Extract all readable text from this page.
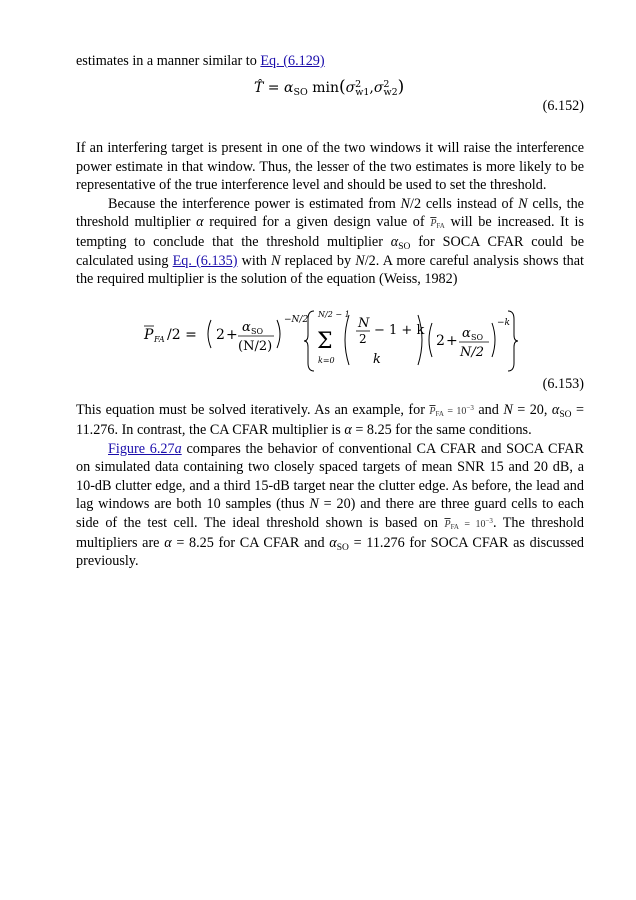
estimates in a manner similar to Eq. (6.129)

T̂ = $\alpha_{SO}$ $\min(\sigma^2_{w1},\sigma^2_{w2})$
(6.152)

If an interfering target is present in one of the two windows it will raise the interference power estimate in that window. Thus, the lesser of the two estimates is more likely to be representative of the true interference level and should be used to set the threshold.

Because the interference power is estimated from N/2 cells instead of N cells, the threshold multiplier α required for a given design value of $\overline{P}_{FA}$ will be increased. It is tempting to conclude that the threshold multiplier $\alpha_{SO}$ for SOCA CFAR could be calculated using Eq. (6.135) with N replaced by N/2. A more careful analysis shows that the required multiplier is the solution of the equation (Weiss, 1982)

P FA /2 = 2 + α SO
(N/2)
−N/2
N/2 − 1
Σ
k=0
N
2
− 1 + k
k
2 + α SO
N/2
−k
(6.153)

This equation must be solved iteratively. As an example, for $\overline{P}_{FA} = 10^{-3}$ and N = 20, $\alpha_{SO} = 11.276$. In contrast, the CA CFAR multiplier is α = 8.25 for the same conditions.

Figure 6.27a compares the behavior of conventional CA CFAR and SOCA CFAR on simulated data containing two closely spaced targets of mean SNR 15 and 20 dB, a 10-dB clutter edge, and a third 15-dB target near the clutter edge. As before, the lead and lag windows are both 10 samples (thus N = 20) and there are three guard cells to each side of the test cell. The ideal threshold shown is based on $\overline{P}_{FA} = 10^{-3}$. The threshold multipliers are α = 8.25 for CA CFAR and $\alpha_{SO} = 11.276$ for SOCA CFAR as discussed previously.
